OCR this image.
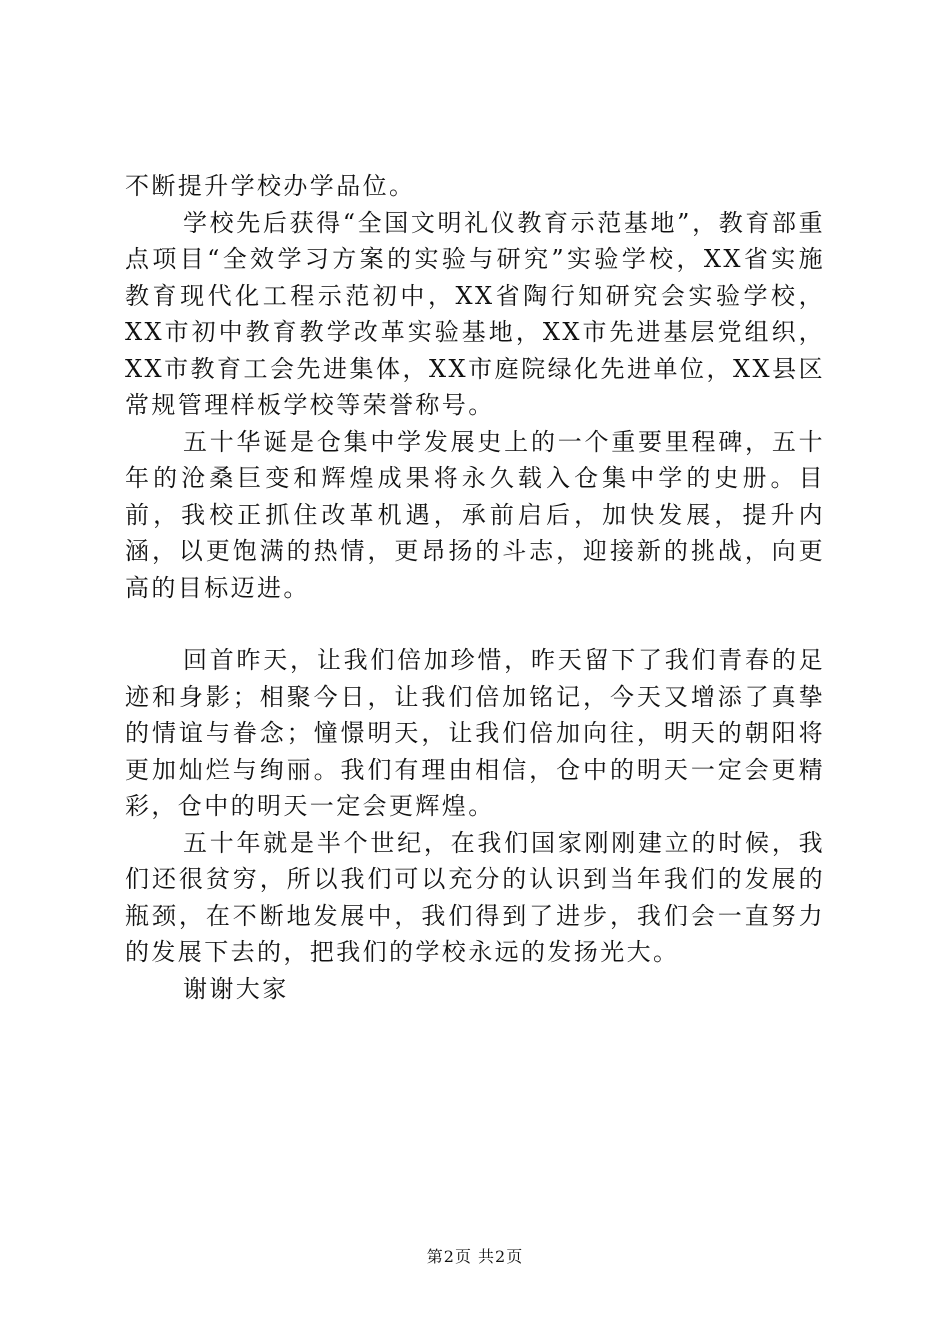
不断提升学校办学品位。

学校先后获得“全国文明礼仪教育示范基地”，教育部重点项目“全效学习方案的实验与研究”实验学校，XX省实施教育现代化工程示范初中，XX省陶行知研究会实验学校，XX市初中教育教学改革实验基地，XX市先进基层党组织，XX市教育工会先进集体，XX市庭院绿化先进单位，XX县区常规管理样板学校等荣誉称号。

五十华诞是仓集中学发展史上的一个重要里程碑，五十年的沧桑巨变和辉煌成果将永久载入仓集中学的史册。目前，我校正抓住改革机遇，承前启后，加快发展，提升内涵，以更饱满的热情，更昂扬的斗志，迎接新的挑战，向更高的目标迈进。

回首昨天，让我们倍加珍惜，昨天留下了我们青春的足迹和身影；相聚今日，让我们倍加铭记，今天又增添了真挚的情谊与眷念；憧憬明天，让我们倍加向往，明天的朝阳将更加灿烂与绚丽。我们有理由相信，仓中的明天一定会更精彩，仓中的明天一定会更辉煌。

五十年就是半个世纪，在我们国家刚刚建立的时候，我们还很贫穷，所以我们可以充分的认识到当年我们的发展的瓶颈，在不断地发展中，我们得到了进步，我们会一直努力的发展下去的，把我们的学校永远的发扬光大。

谢谢大家

第2页 共2页
